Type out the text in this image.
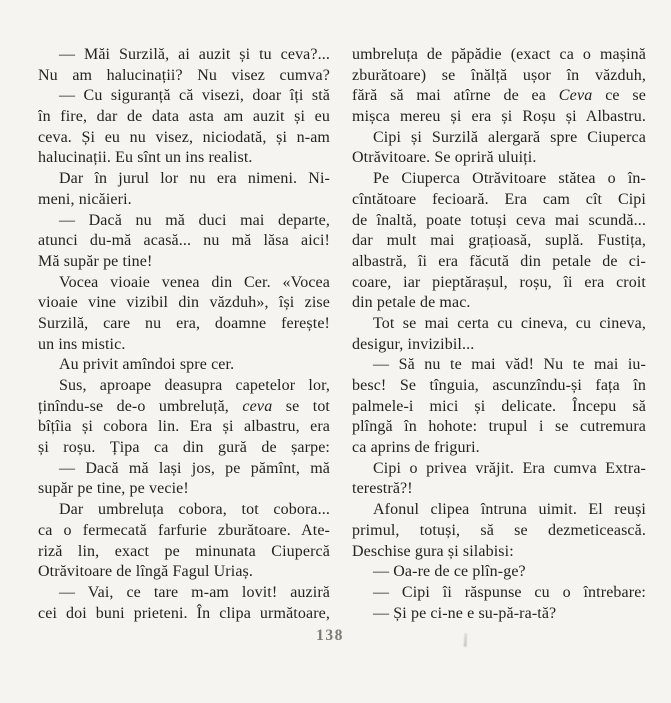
— Măi Surzilă, ai auzit și tu ceva?...
Nu am halucinații? Nu visez cumva?
— Cu siguranță că visezi, doar îți stă
în fire, dar de data asta am auzit și eu
ceva. Și eu nu visez, niciodată, și n-am
halucinații. Eu sînt un ins realist.
Dar în jurul lor nu era nimeni. Ni-
meni, nicăieri.
— Dacă nu mă duci mai departe,
atunci du-mă acasă... nu mă lăsa aici!
Mă supăr pe tine!
Vocea vioaie venea din Cer. «Vocea
vioaie vine vizibil din văzduh», își zise
Surzilă, care nu era, doamne ferește!
un ins mistic.
Au privit amîndoi spre cer.
Sus, aproape deasupra capetelor lor,
ținîndu-se de-o umbreluță, ceva se tot
bîțîia și cobora lin. Era și albastru, era
și roșu. Țipa ca din gură de șarpe:
— Dacă mă lași jos, pe pămînt, mă
supăr pe tine, pe vecie!
Dar umbreluța cobora, tot cobora...
ca o fermecată farfurie zburătoare. Ate-
riză lin, exact pe minunata Ciupercă
Otrăvitoare de lîngă Fagul Uriaș.
— Vai, ce tare m-am lovit! auziră
cei doi buni prieteni. În clipa următoare,
umbreluța de păpădie (exact ca o mașină
zburătoare) se înălță ușor în văzduh,
fără să mai atîrne de ea Ceva ce se
mișca mereu și era și Roșu și Albastru.
Cipi și Surzilă alergară spre Ciuperca
Otrăvitoare. Se opriră uluiți.
Pe Ciuperca Otrăvitoare stătea o în-
cîntătoare fecioară. Era cam cît Cipi
de înaltă, poate totuși ceva mai scundă...
dar mult mai grațioasă, suplă. Fustița,
albastră, îi era făcută din petale de ci-
coare, iar pieptărașul, roșu, îi era croit
din petale de mac.
Tot se mai certa cu cineva, cu cineva,
desigur, invizibil...
— Să nu te mai văd! Nu te mai iu-
besc! Se tînguia, ascunzîndu-și fața în
palmele-i mici și delicate. Începu să
plîngă în hohote: trupul i se cutremura
ca aprins de friguri.
Cipi o privea vrăjit. Era cumva Extra-
terestră?!
Afonul clipea întruna uimit. El reuși
primul, totuși, să se dezmeticească.
Deschise gura și silabisi:
— Oa-re de ce plîn-ge?
— Cipi îi răspunse cu o întrebare:
— Și pe ci-ne e su-pă-ra-tă?
138
